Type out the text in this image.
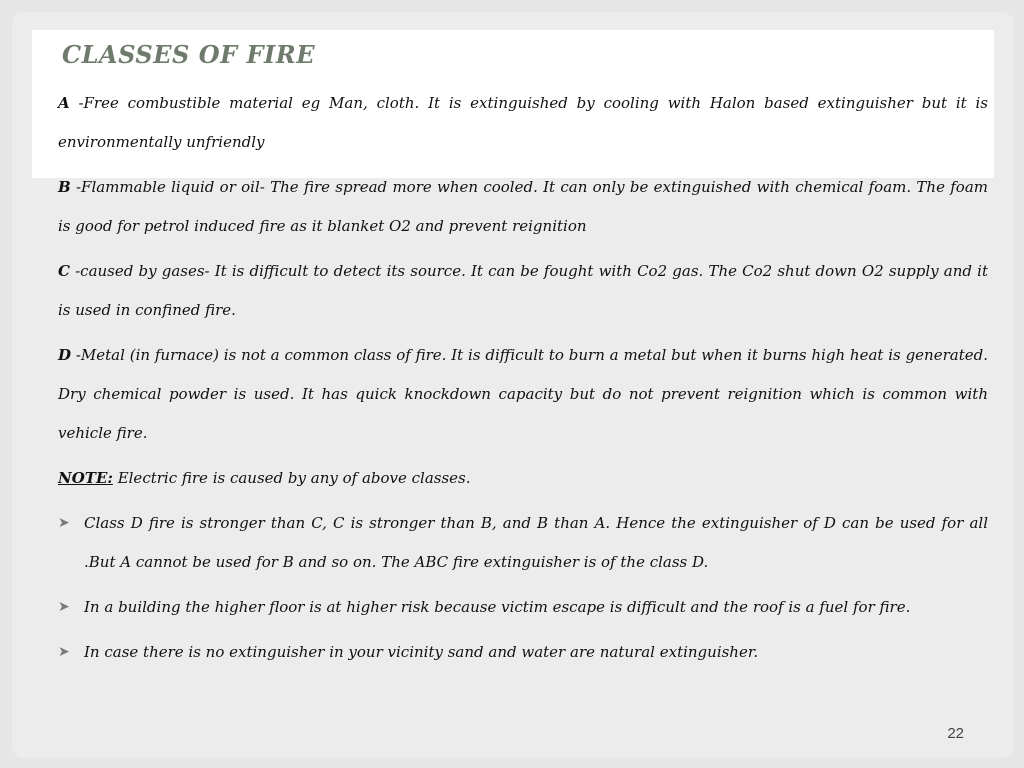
CLASSES OF FIRE

A -Free combustible material eg Man, cloth. It is extinguished by cooling with Halon based extinguisher but it is environmentally unfriendly

B -Flammable liquid or oil- The fire spread more when cooled. It can only be extinguished with chemical foam. The foam is good for petrol induced fire as it blanket O2 and prevent reignition

C -caused by gases- It is difficult to detect its source. It can be fought with Co2 gas. The Co2 shut down O2 supply and it is used in confined fire.

D -Metal (in furnace) is not a common class of fire. It is difficult to burn a metal but when it burns high heat is generated. Dry chemical powder is used. It has quick knockdown capacity but do not prevent reignition which is common with vehicle fire.

NOTE: Electric fire is caused by any of above classes.

➤ Class D fire is stronger than C, C is stronger than B, and B than A. Hence the extinguisher of D can be used for all .But A cannot be used for B and so on. The ABC fire extinguisher is of the class D.

➤ In a building the higher floor is at higher risk because victim escape is difficult and the roof is a fuel for fire.

➤ In case there is no extinguisher in your vicinity sand and water are natural extinguisher.

22
